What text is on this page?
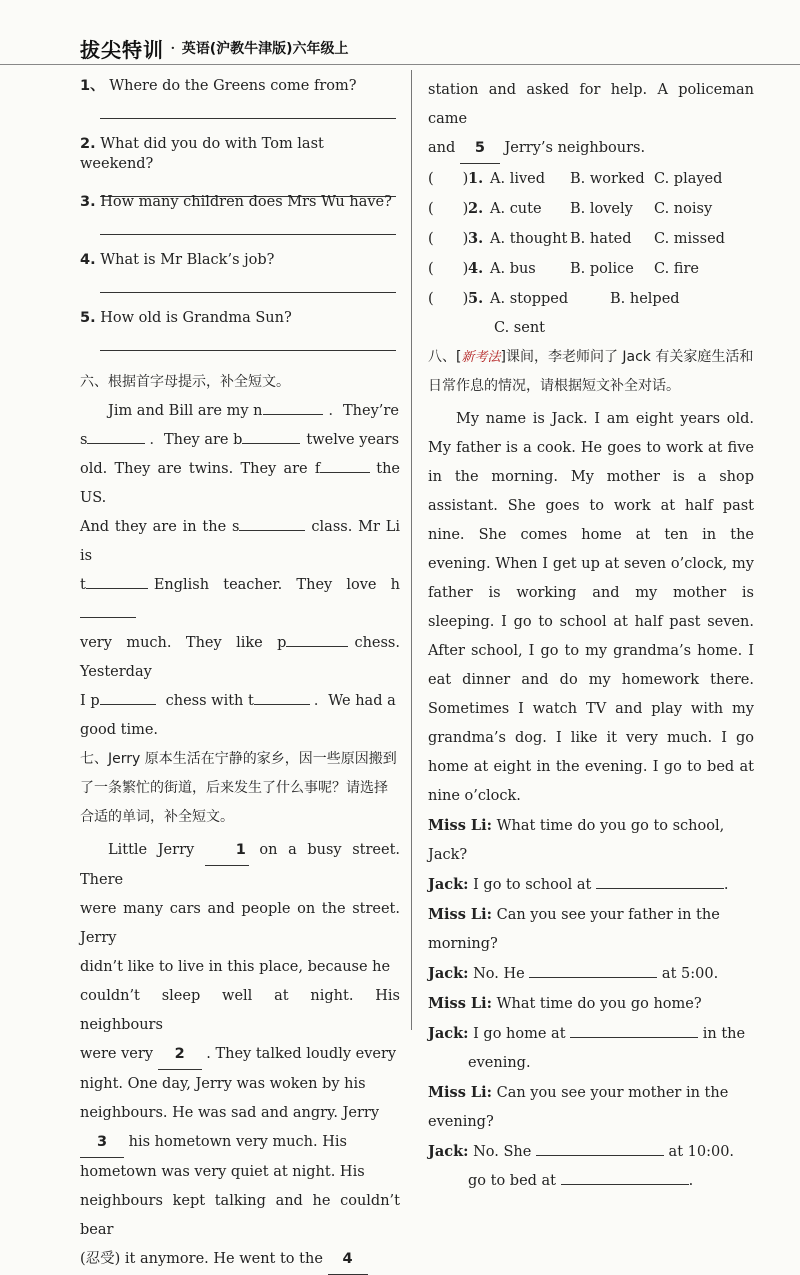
拔尖特训 · 英语(沪教牛津版)六年级上

1、 Where do the Greens come from?

2. What did you do with Tom last weekend?

3. How many children does Mrs Wu have?

4. What is Mr Black’s job?

5. How old is Grandma Sun?

六、根据首字母提示，补全短文。

Jim and Bill are my n	．They’re
s	．They are b	twelve years
old. They are twins. They are f	the US.
And they are in the s	class. Mr Li is
t	English teacher. They love h
very much. They like p	chess. Yesterday
I p	chess with t	．We had a
good time.

七、Jerry 原本生活在宁静的家乡，因一些原因搬到了一条繁忙的街道，后来发生了什么事呢？请选择合适的单词，补全短文。

Little Jerry	1 on a busy street. There
were many cars and people on the street. Jerry
didn’t like to live in this place, because he
couldn’t sleep well at night. His neighbours
were very 2 . They talked loudly every
night. One day, Jerry was woken by his
neighbours. He was sad and angry. Jerry
3 his hometown very much. His
hometown was very quiet at night. His
neighbours kept talking and he couldn’t bear
(忍受) it anymore. He went to the 4
station and asked for help. A policeman came
and 5 Jerry’s neighbours.

(　　)1. A. lived B. worked C. played

(　　)2. A. cute B. lovely C. noisy

(　　)3. A. thought B. hated C. missed

(　　)4. A. bus B. police C. fire

(　　)5. A. stopped	B. helped

C. sent

八、[新考法]课间，李老师问了 Jack 有关家庭生活和日常作息的情况，请根据短文补全对话。

My name is Jack. I am eight years old. My father is a cook. He goes to work at five in the morning. My mother is a shop assistant. She goes to work at half past nine. She comes home at ten in the evening. When I get up at seven o’clock, my father is working and my mother is sleeping. I go to school at half past seven. After school, I go to my grandma’s home. I eat dinner and do my homework there. Sometimes I watch TV and play with my grandma’s dog. I like it very much. I go home at eight in the evening. I go to bed at nine o’clock.

Miss Li: What time do you go to school, Jack?

Jack: I go to school at	.

Miss Li: Can you see your father in the morning?

Jack: No. He	at 5:00.

Miss Li: What time do you go home?

Jack: I go home at	in the

evening.

Miss Li: Can you see your mother in the evening?

Jack: No. She	at 10:00.

go to bed at	.
